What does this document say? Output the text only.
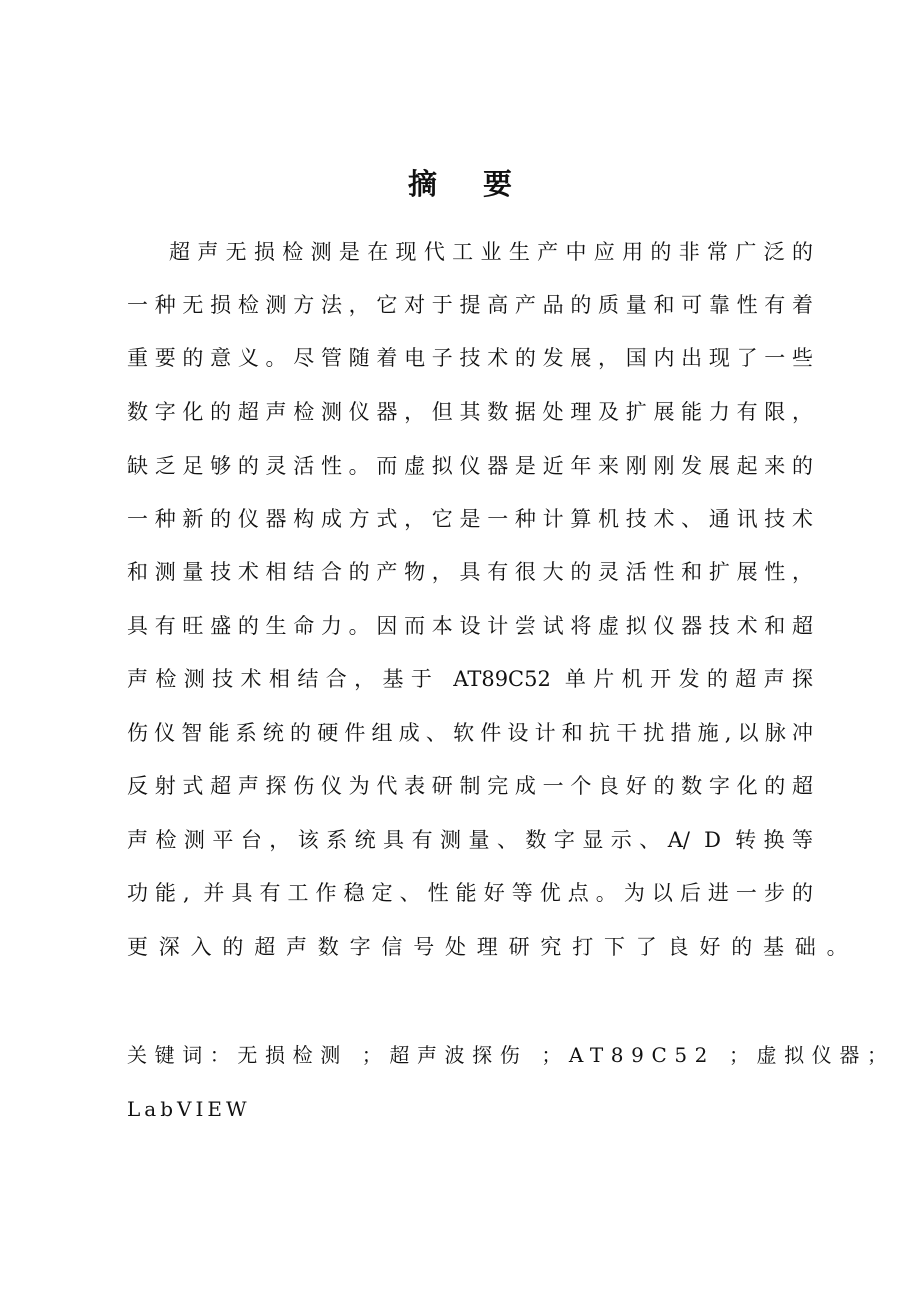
摘要
超声无损检测是在现代工业生产中应用的非常广泛的
一种无损检测方法，它对于提高产品的质量和可靠性有着
重要的意义。尽管随着电子技术的发展，国内出现了一些
数字化的超声检测仪器，但其数据处理及扩展能力有限，
缺乏足够的灵活性。而虚拟仪器是近年来刚刚发展起来的
一种新的仪器构成方式，它是一种计算机技术、通讯技术
和测量技术相结合的产物，具有很大的灵活性和扩展性，
具有旺盛的生命力。因而本设计尝试将虚拟仪器技术和超
声检测技术相结合，基于 AT89C52 单片机开发的超声探
伤仪智能系统的硬件组成、软件设计和抗干扰措施,以脉冲
反射式超声探伤仪为代表研制完成一个良好的数字化的超
声检测平台，该系统具有测量、数字显示、A/ D 转换等
功能, 并具有工作稳定、性能好等优点。为以后进一步的
更深入的超声数字信号处理研究打下了良好的基础。
关键词：无损检测 ；超声波探伤 ；AT89C52 ；虚拟仪器；
LabVIEW
